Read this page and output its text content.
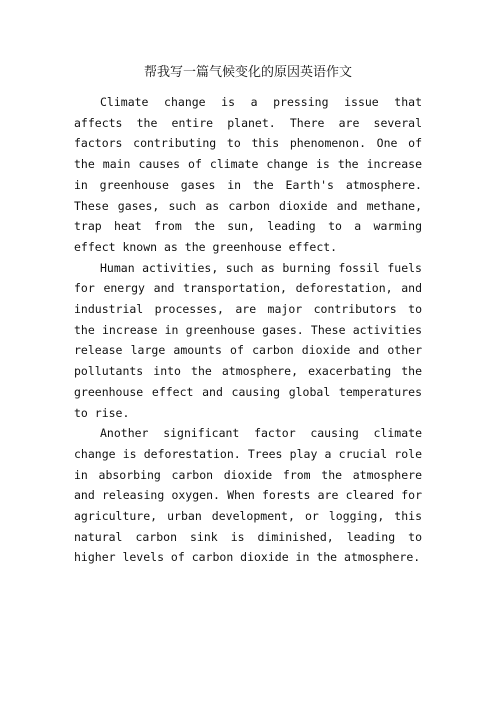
帮我写一篇气候变化的原因英语作文

Climate change is a pressing issue that affects the entire planet. There are several factors contributing to this phenomenon. One of the main causes of climate change is the increase in greenhouse gases in the Earth's atmosphere. These gases, such as carbon dioxide and methane, trap heat from the sun, leading to a warming effect known as the greenhouse effect.

Human activities, such as burning fossil fuels for energy and transportation, deforestation, and industrial processes, are major contributors to the increase in greenhouse gases. These activities release large amounts of carbon dioxide and other pollutants into the atmosphere, exacerbating the greenhouse effect and causing global temperatures to rise.

Another significant factor causing climate change is deforestation. Trees play a crucial role in absorbing carbon dioxide from the atmosphere and releasing oxygen. When forests are cleared for agriculture, urban development, or logging, this natural carbon sink is diminished, leading to higher levels of carbon dioxide in the atmosphere.
